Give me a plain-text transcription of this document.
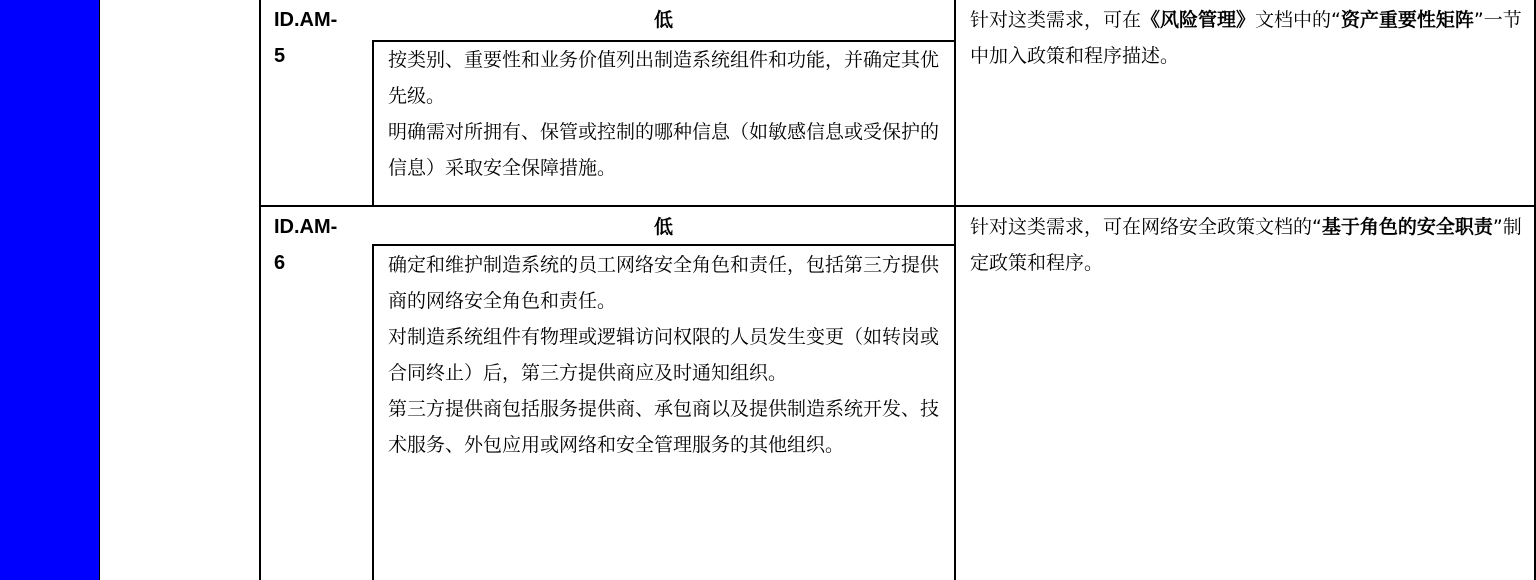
ID.AM-
5
低

按类别、重要性和业务价值列出制造系统组件和功能，并确定其优先级。

明确需对所拥有、保管或控制的哪种信息（如敏感信息或受保护的信息）采取安全保障措施。

针对这类需求，可在《风险管理》文档中的“资产重要性矩阵”一节中加入政策和程序描述。
ID.AM-
6
低

确定和维护制造系统的员工网络安全角色和责任，包括第三方提供商的网络安全角色和责任。

对制造系统组件有物理或逻辑访问权限的人员发生变更（如转岗或合同终止）后，第三方提供商应及时通知组织。

第三方提供商包括服务提供商、承包商以及提供制造系统开发、技术服务、外包应用或网络和安全管理服务的其他组织。

针对这类需求，可在网络安全政策文档的“基于角色的安全职责”制定政策和程序。
